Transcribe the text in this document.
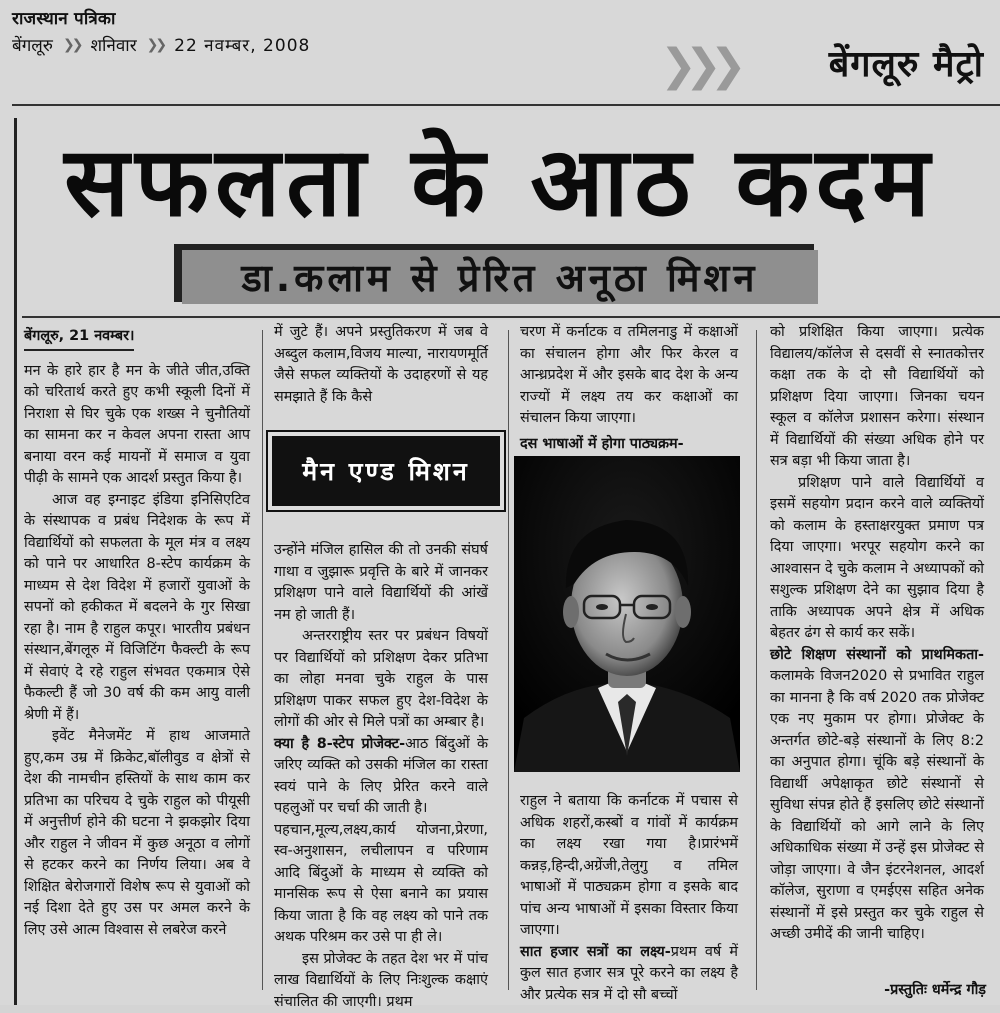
राजस्थान पत्रिका
बेंगलूरु ❯❯ शनिवार ❯❯ 22 नवम्बर, 2008	❯❯❯	बेंगलूरु मैट्रो
सफलता के आठ कदम
डा.कलाम से प्रेरित अनूठा मिशन
बेंगलूरु, 21 नवम्बर।

मन के हारे हार है मन के जीते जीत,उक्ति को चरितार्थ करते हुए कभी स्कूली दिनों में निराशा से घिर चुके एक शख्स ने चुनौतियों का सामना कर न केवल अपना रास्ता आप बनाया वरन कई मायनों में समाज व युवा पीढ़ी के सामने एक आदर्श प्रस्तुत किया है।

आज वह इग्नाइट इंडिया इनिसिएटिव के संस्थापक व प्रबंध निदेशक के रूप में विद्यार्थियों को सफलता के मूल मंत्र व लक्ष्य को पाने पर आधारित 8-स्टेप कार्यक्रम के माध्यम से देश विदेश में हजारों युवाओं के सपनों को हकीकत में बदलने के गुर सिखा रहा है। नाम है राहुल कपूर। भारतीय प्रबंधन संस्थान,बेंगलूरु में विजिटिंग फैक्ल्टी के रूप में सेवाएं दे रहे राहुल संभवत एकमात्र ऐसे फैकल्टी हैं जो 30 वर्ष की कम आयु वाली श्रेणी में हैं।

इवेंट मैनेजमेंट में हाथ आजमाते हुए,कम उम्र में क्रिकेट,बॉलीवुड व क्षेत्रों से देश की नामचीन हस्तियों के साथ काम कर प्रतिभा का परिचय दे चुके राहुल को पीयूसी में अनुत्तीर्ण होने की घटना ने झकझोर दिया और राहुल ने जीवन में कुछ अनूठा व लोगों से हटकर करने का निर्णय लिया। अब वे शिक्षित बेरोजगारों विशेष रूप से युवाओं को नई दिशा देते हुए उस पर अमल करने के लिए उसे आत्म विश्वास से लबरेज करने

में जुटे हैं। अपने प्रस्तुतिकरण में जब वे अब्दुल कलाम,विजय माल्या, नारायणमूर्ति जैसे सफल व्यक्तियों के उदाहरणों से यह समझाते हैं कि कैसे

उन्होंने मंजिल हासिल की तो उनकी संघर्ष गाथा व जुझारू प्रवृत्ति के बारे में जानकर प्रशिक्षण पाने वाले विद्यार्थियों की आंखें नम हो जाती हैं।

अन्तरराष्ट्रीय स्तर पर प्रबंधन विषयों पर विद्यार्थियों को प्रशिक्षण देकर प्रतिभा का लोहा मनवा चुके राहुल के पास प्रशिक्षण पाकर सफल हुए देश-विदेश के लोगों की ओर से मिले पत्रों का अम्बार है।

क्या है 8-स्टेप प्रोजेक्ट-आठ बिंदुओं के जरिए व्यक्ति को उसकी मंजिल का रास्ता स्वयं पाने के लिए प्रेरित करने वाले पहलुओं पर चर्चा की जाती है।

पहचान,मूल्य,लक्ष्य,कार्य योजना,प्रेरणा, स्व-अनुशासन, लचीलापन व परिणाम आदि बिंदुओं के माध्यम से व्यक्ति को मानसिक रूप से ऐसा बनाने का प्रयास किया जाता है कि वह लक्ष्य को पाने तक अथक परिश्रम कर उसे पा ही ले।

इस प्रोजेक्ट के तहत देश भर में पांच लाख विद्यार्थियों के लिए निःशुल्क कक्षाएं संचालित की जाएगी। प्रथम

मैन एण्ड मिशन

चरण में कर्नाटक व तमिलनाडु में कक्षाओं का संचालन होगा और फिर केरल व आन्ध्रप्रदेश में और इसके बाद देश के अन्य राज्यों में लक्ष्य तय कर कक्षाओं का संचालन किया जाएगा।

दस भाषाओं में होगा पाठ्यक्रम-

राहुल ने बताया कि कर्नाटक में पचास से अधिक शहरों,कस्बों व गांवों में कार्यक्रम का लक्ष्य रखा गया है।प्रारंभमें कन्नड़,हिन्दी,अग्रेंजी,तेलुगु व तमिल भाषाओं में पाठ्यक्रम होगा व इसके बाद पांच अन्य भाषाओं में इसका विस्तार किया जाएगा।

सात हजार सत्रों का लक्ष्य-प्रथम वर्ष में कुल सात हजार सत्र पूरे करने का लक्ष्य है और प्रत्येक सत्र में दो सौ बच्चों

को प्रशिक्षित किया जाएगा। प्रत्येक विद्यालय/कॉलेज से दसवीं से स्नातकोत्तर कक्षा तक के दो सौ विद्यार्थियों को प्रशिक्षण दिया जाएगा। जिनका चयन स्कूल व कॉलेज प्रशासन करेगा। संस्थान में विद्यार्थियों की संख्या अधिक होने पर सत्र बड़ा भी किया जाता है।

प्रशिक्षण पाने वाले विद्यार्थियों व इसमें सहयोग प्रदान करने वाले व्यक्तियों को कलाम के हस्ताक्षरयुक्त प्रमाण पत्र दिया जाएगा। भरपूर सहयोग करने का आश्वासन दे चुके कलाम ने अध्यापकों को सशुल्क प्रशिक्षण देने का सुझाव दिया है ताकि अध्यापक अपने क्षेत्र में अधिक बेहतर ढंग से कार्य कर सकें।

छोटे शिक्षण संस्थानों को प्राथमिकता-कलामके विजन2020 से प्रभावित राहुल का मानना है कि वर्ष 2020 तक प्रोजेक्ट एक नए मुकाम पर होगा। प्रोजेक्ट के अन्तर्गत छोटे-बड़े संस्थानों के लिए 8:2 का अनुपात होगा। चूंकि बड़े संस्थानों के विद्यार्थी अपेक्षाकृत छोटे संस्थानों से सुविधा संपन्न होते हैं इसलिए छोटे संस्थानों के विद्यार्थियों को आगे लाने के लिए अधिकाधिक संख्या में उन्हें इस प्रोजेक्ट से जोड़ा जाएगा। वे जैन इंटरनेशनल, आदर्श कॉलेज, सुराणा व एमईएस सहित अनेक संस्थानों में इसे प्रस्तुत कर चुके राहुल से अच्छी उमीदें की जानी चाहिए।

-प्रस्तुतिः धर्मेन्द्र गौड़
